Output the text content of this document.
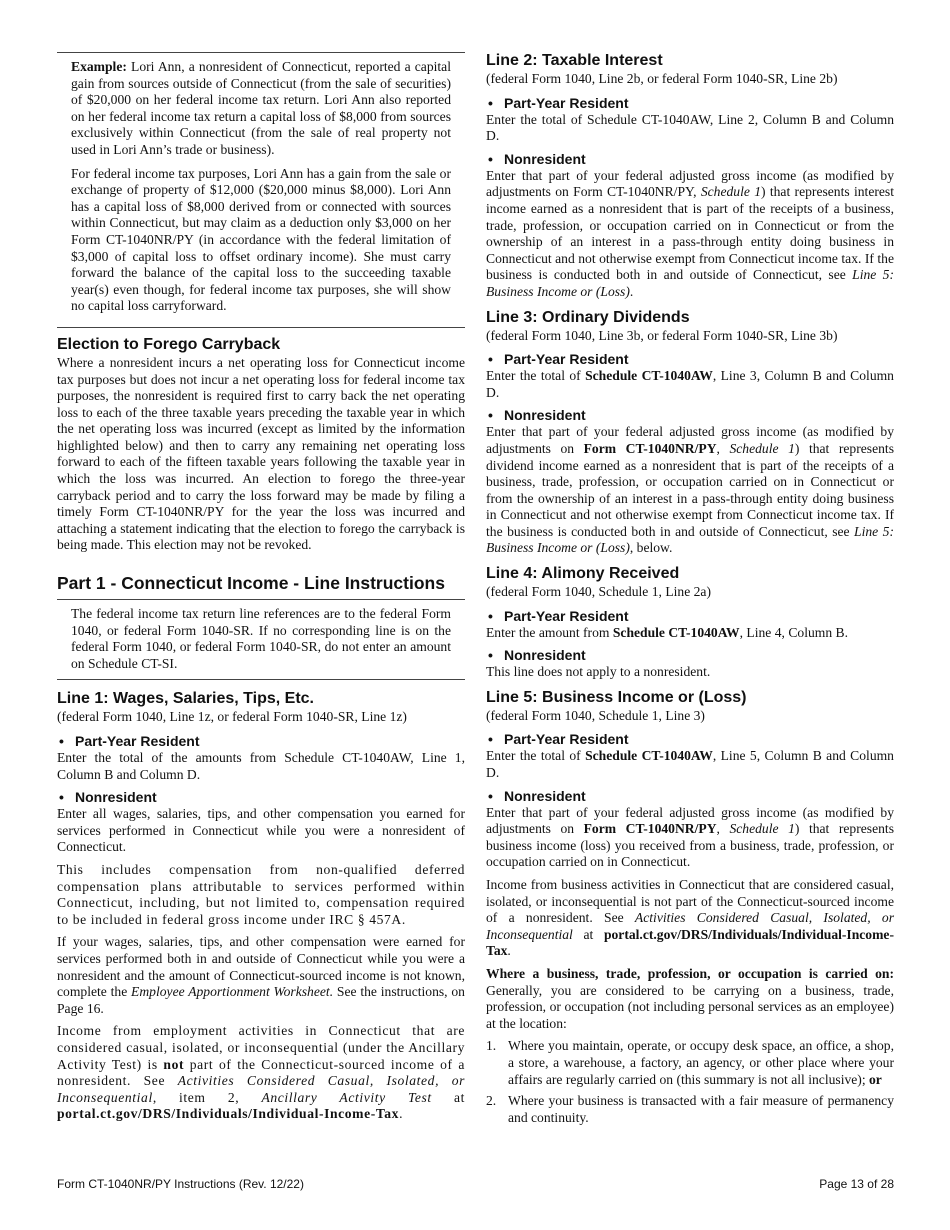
Example: Lori Ann, a nonresident of Connecticut, reported a capital gain from sources outside of Connecticut (from the sale of securities) of $20,000 on her federal income tax return. Lori Ann also reported on her federal income tax return a capital loss of $8,000 from sources exclusively within Connecticut (from the sale of real property not used in Lori Ann’s trade or business).

For federal income tax purposes, Lori Ann has a gain from the sale or exchange of property of $12,000 ($20,000 minus $8,000). Lori Ann has a capital loss of $8,000 derived from or connected with sources within Connecticut, but may claim as a deduction only $3,000 on her Form CT-1040NR/PY (in accordance with the federal limitation of $3,000 of capital loss to offset ordinary income). She must carry forward the balance of the capital loss to the succeeding taxable year(s) even though, for federal income tax purposes, she will show no capital loss carryforward.

Election to Forego Carryback

Where a nonresident incurs a net operating loss for Connecticut income tax purposes but does not incur a net operating loss for federal income tax purposes, the nonresident is required first to carry back the net operating loss to each of the three taxable years preceding the taxable year in which the net operating loss was incurred (except as limited by the information highlighted below) and then to carry any remaining net operating loss forward to each of the fifteen taxable years following the taxable year in which the loss was incurred. An election to forego the three-year carryback period and to carry the loss forward may be made by filing a timely Form CT-1040NR/PY for the year the loss was incurred and attaching a statement indicating that the election to forego the carryback is being made. This election may not be revoked.

Part 1 - Connecticut Income - Line Instructions

The federal income tax return line references are to the federal Form 1040, or federal Form 1040-SR. If no corresponding line is on the federal Form 1040, or federal Form 1040-SR, do not enter an amount on Schedule CT-SI.

Line 1: Wages, Salaries, Tips, Etc.

(federal Form 1040, Line 1z, or federal Form 1040-SR, Line 1z)

• Part-Year Resident

Enter the total of the amounts from Schedule CT-1040AW, Line 1, Column B and Column D.

• Nonresident

Enter all wages, salaries, tips, and other compensation you earned for services performed in Connecticut while you were a nonresident of Connecticut.

This includes compensation from non-qualified deferred compensation plans attributable to services performed within Connecticut, including, but not limited to, compensation required to be included in federal gross income under IRC § 457A.

If your wages, salaries, tips, and other compensation were earned for services performed both in and outside of Connecticut while you were a nonresident and the amount of Connecticut-sourced income is not known, complete the Employee Apportionment Worksheet. See the instructions, on Page 16.

Income from employment activities in Connecticut that are considered casual, isolated, or inconsequential (under the Ancillary Activity Test) is not part of the Connecticut-sourced income of a nonresident. See Activities Considered Casual, Isolated, or Inconsequential, item 2, Ancillary Activity Test at portal.ct.gov/DRS/Individuals/Individual-Income-Tax.

Line 2: Taxable Interest

(federal Form 1040, Line 2b, or federal Form 1040-SR, Line 2b)

• Part-Year Resident

Enter the total of Schedule CT-1040AW, Line 2, Column B and Column D.

• Nonresident

Enter that part of your federal adjusted gross income (as modified by adjustments on Form CT-1040NR/PY, Schedule 1) that represents interest income earned as a nonresident that is part of the receipts of a business, trade, profession, or occupation carried on in Connecticut or from the ownership of an interest in a pass-through entity doing business in Connecticut and not otherwise exempt from Connecticut income tax. If the business is conducted both in and outside of Connecticut, see Line 5: Business Income or (Loss).

Line 3: Ordinary Dividends

(federal Form 1040, Line 3b, or federal Form 1040-SR, Line 3b)

• Part-Year Resident

Enter the total of Schedule CT-1040AW, Line 3, Column B and Column D.

• Nonresident

Enter that part of your federal adjusted gross income (as modified by adjustments on Form CT-1040NR/PY, Schedule 1) that represents dividend income earned as a nonresident that is part of the receipts of a business, trade, profession, or occupation carried on in Connecticut or from the ownership of an interest in a pass-through entity doing business in Connecticut and not otherwise exempt from Connecticut income tax. If the business is conducted both in and outside of Connecticut, see Line 5: Business Income or (Loss), below.

Line 4: Alimony Received

(federal Form 1040, Schedule 1, Line 2a)

• Part-Year Resident

Enter the amount from Schedule CT-1040AW, Line 4, Column B.

• Nonresident

This line does not apply to a nonresident.

Line 5: Business Income or (Loss)

(federal Form 1040, Schedule 1, Line 3)

• Part-Year Resident

Enter the total of Schedule CT-1040AW, Line 5, Column B and Column D.

• Nonresident

Enter that part of your federal adjusted gross income (as modified by adjustments on Form CT-1040NR/PY, Schedule 1) that represents business income (loss) you received from a business, trade, profession, or occupation carried on in Connecticut.

Income from business activities in Connecticut that are considered casual, isolated, or inconsequential is not part of the Connecticut-sourced income of a nonresident. See Activities Considered Casual, Isolated, or Inconsequential at portal.ct.gov/DRS/Individuals/Individual-Income-Tax.

Where a business, trade, profession, or occupation is carried on: Generally, you are considered to be carrying on a business, trade, profession, or occupation (not including personal services as an employee) at the location:

1. Where you maintain, operate, or occupy desk space, an office, a shop, a store, a warehouse, a factory, an agency, or other place where your affairs are regularly carried on (this summary is not all inclusive); or
2. Where your business is transacted with a fair measure of permanency and continuity.
Form CT-1040NR/PY Instructions (Rev. 12/22)	Page 13 of 28
